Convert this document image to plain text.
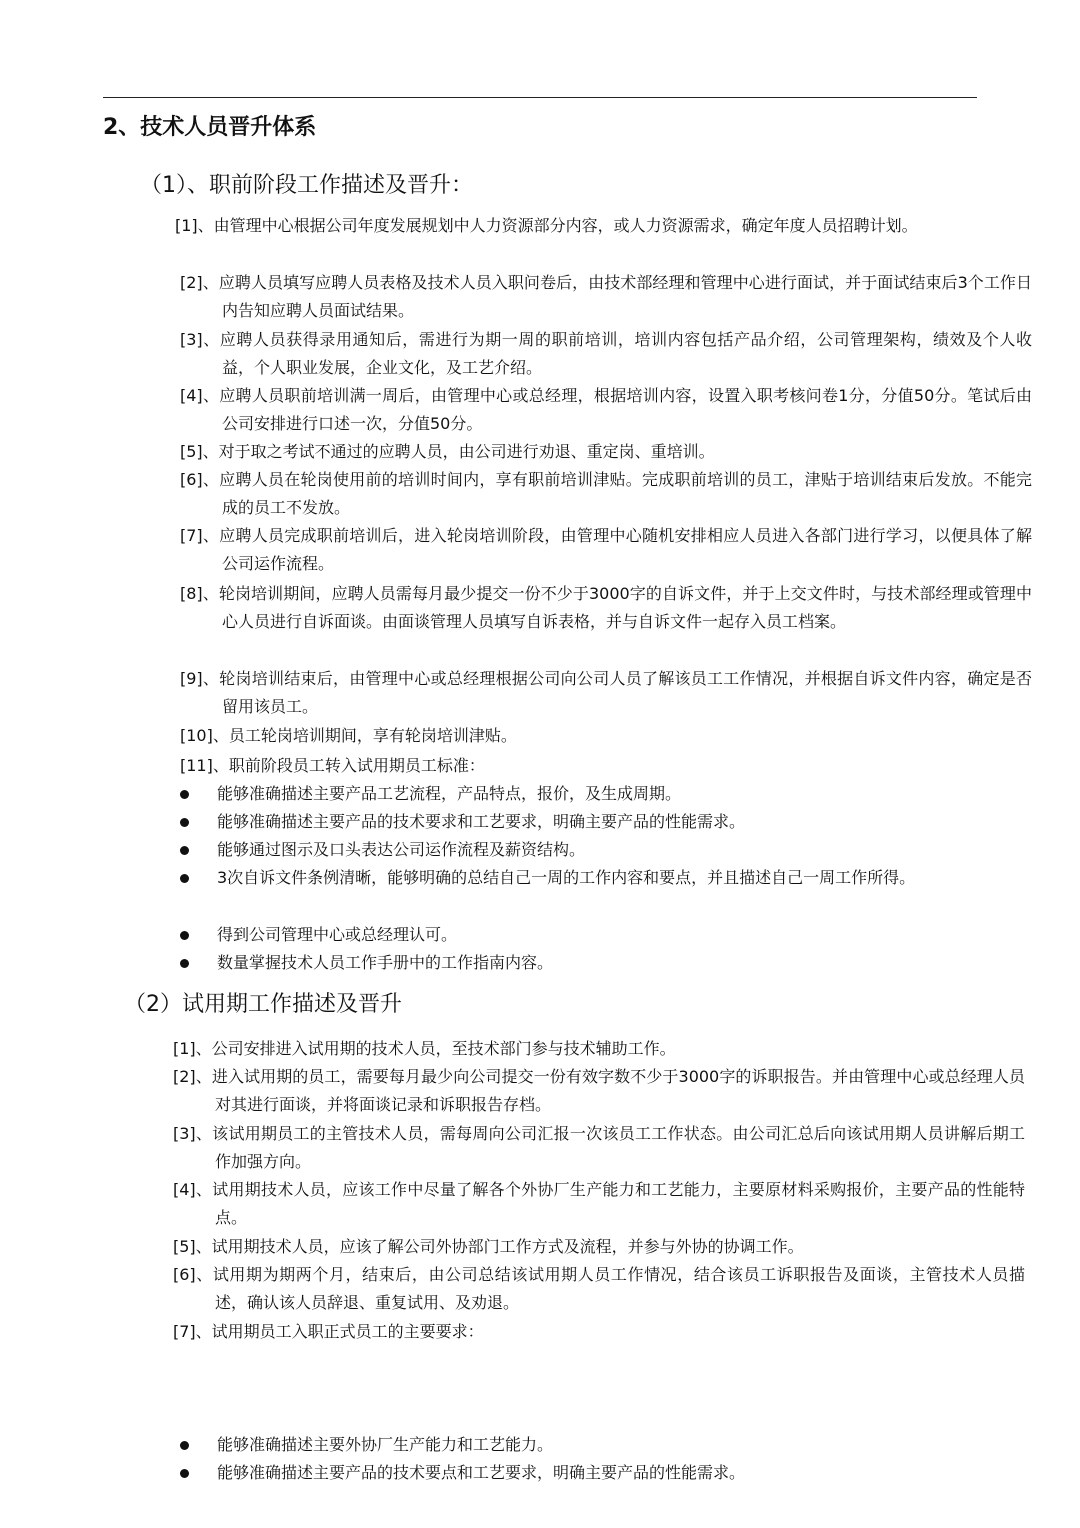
2、技术人员晋升体系
（1）、职前阶段工作描述及晋升：
[1]、由管理中心根据公司年度发展规划中人力资源部分内容，或人力资源需求，确定年度人员招聘计划。
[2]、应聘人员填写应聘人员表格及技术人员入职问卷后，由技术部经理和管理中心进行面试，并于面试结束后3个工作日内告知应聘人员面试结果。
[3]、应聘人员获得录用通知后，需进行为期一周的职前培训，培训内容包括产品介绍，公司管理架构，绩效及个人收益，个人职业发展，企业文化，及工艺介绍。
[4]、应聘人员职前培训满一周后，由管理中心或总经理，根据培训内容，设置入职考核问卷1分，分值50分。笔试后由公司安排进行口述一次，分值50分。
[5]、对于取之考试不通过的应聘人员，由公司进行劝退、重定岗、重培训。
[6]、应聘人员在轮岗使用前的培训时间内，享有职前培训津贴。完成职前培训的员工，津贴于培训结束后发放。不能完成的员工不发放。
[7]、应聘人员完成职前培训后，进入轮岗培训阶段，由管理中心随机安排相应人员进入各部门进行学习，以便具体了解公司运作流程。
[8]、轮岗培训期间，应聘人员需每月最少提交一份不少于3000字的自诉文件，并于上交文件时，与技术部经理或管理中心人员进行自诉面谈。由面谈管理人员填写自诉表格，并与自诉文件一起存入员工档案。
[9]、轮岗培训结束后，由管理中心或总经理根据公司向公司人员了解该员工工作情况，并根据自诉文件内容，确定是否留用该员工。
[10]、员工轮岗培训期间，享有轮岗培训津贴。
[11]、职前阶段员工转入试用期员工标准：
能够准确描述主要产品工艺流程，产品特点，报价，及生成周期。
能够准确描述主要产品的技术要求和工艺要求，明确主要产品的性能需求。
能够通过图示及口头表达公司运作流程及薪资结构。
3次自诉文件条例清晰，能够明确的总结自己一周的工作内容和要点，并且描述自己一周工作所得。
得到公司管理中心或总经理认可。
数量掌握技术人员工作手册中的工作指南内容。
（2）试用期工作描述及晋升
[1]、公司安排进入试用期的技术人员，至技术部门参与技术辅助工作。
[2]、进入试用期的员工，需要每月最少向公司提交一份有效字数不少于3000字的诉职报告。并由管理中心或总经理人员对其进行面谈，并将面谈记录和诉职报告存档。
[3]、该试用期员工的主管技术人员，需每周向公司汇报一次该员工工作状态。由公司汇总后向该试用期人员讲解后期工作加强方向。
[4]、试用期技术人员，应该工作中尽量了解各个外协厂生产能力和工艺能力，主要原材料采购报价，主要产品的性能特点。
[5]、试用期技术人员，应该了解公司外协部门工作方式及流程，并参与外协的协调工作。
[6]、试用期为期两个月，结束后，由公司总结该试用期人员工作情况，结合该员工诉职报告及面谈，主管技术人员描述，确认该人员辞退、重复试用、及劝退。
[7]、试用期员工入职正式员工的主要要求：
能够准确描述主要外协厂生产能力和工艺能力。
能够准确描述主要产品的技术要点和工艺要求，明确主要产品的性能需求。
